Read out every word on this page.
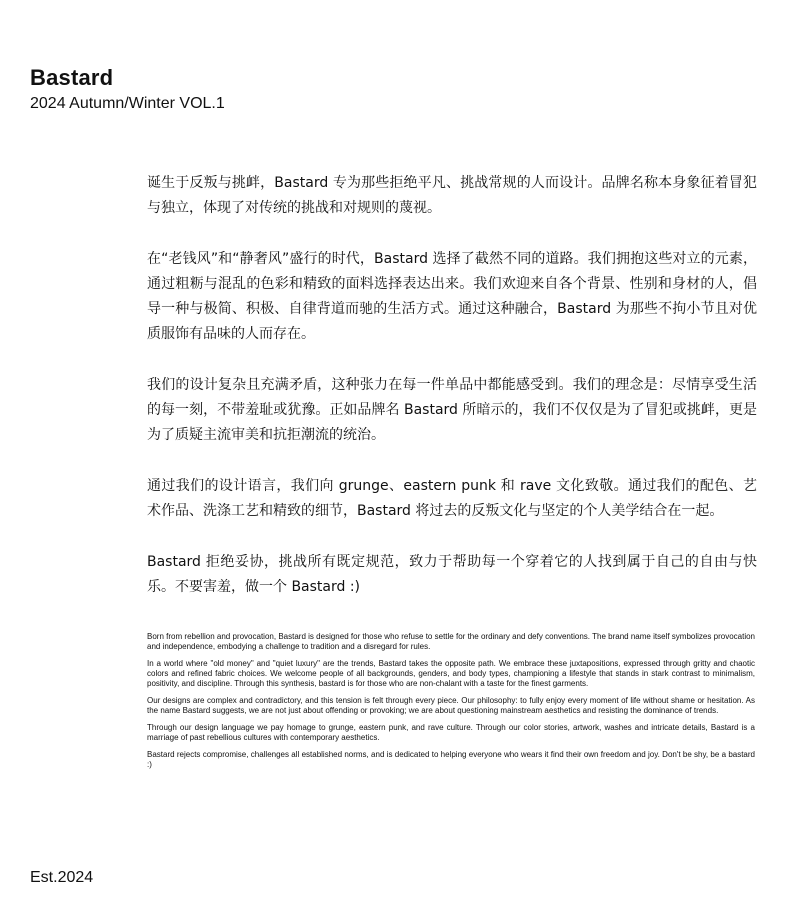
Bastard
2024 Autumn/Winter VOL.1

诞生于反叛与挑衅，Bastard 专为那些拒绝平凡、挑战常规的人而设计。品牌名称本身象征着冒犯与独立，体现了对传统的挑战和对规则的蔑视。

在“老钱风”和“静奢风”盛行的时代，Bastard 选择了截然不同的道路。我们拥抱这些对立的元素，通过粗粝与混乱的色彩和精致的面料选择表达出来。我们欢迎来自各个背景、性别和身材的人，倡导一种与极简、积极、自律背道而驰的生活方式。通过这种融合，Bastard 为那些不拘小节且对优质服饰有品味的人而存在。

我们的设计复杂且充满矛盾，这种张力在每一件单品中都能感受到。我们的理念是：尽情享受生活的每一刻，不带羞耻或犹豫。正如品牌名 Bastard 所暗示的，我们不仅仅是为了冒犯或挑衅，更是为了质疑主流审美和抗拒潮流的统治。

通过我们的设计语言，我们向 grunge、eastern punk 和 rave 文化致敬。通过我们的配色、艺术作品、洗涤工艺和精致的细节，Bastard 将过去的反叛文化与坚定的个人美学结合在一起。

Bastard 拒绝妥协，挑战所有既定规范，致力于帮助每一个穿着它的人找到属于自己的自由与快乐。不要害羞，做一个 Bastard :)

Born from rebellion and provocation, Bastard is designed for those who refuse to settle for the ordinary and defy conventions. The brand name itself symbolizes provocation and independence, embodying a challenge to tradition and a disregard for rules.

In a world where "old money" and "quiet luxury" are the trends, Bastard takes the opposite path. We embrace these juxtapositions, expressed through gritty and chaotic colors and refined fabric choices. We welcome people of all backgrounds, genders, and body types, championing a lifestyle that stands in stark contrast to minimalism, positivity, and discipline. Through this synthesis, bastard is for those who are non-chalant with a taste for the finest garments.

Our designs are complex and contradictory, and this tension is felt through every piece. Our philosophy: to fully enjoy every moment of life without shame or hesitation. As the name Bastard suggests, we are not just about offending or provoking; we are about questioning mainstream aesthetics and resisting the dominance of trends.

Through our design language we pay homage to grunge, eastern punk, and rave culture. Through our color stories, artwork, washes and intricate details, Bastard is a marriage of past rebellious cultures with contemporary aesthetics.

Bastard rejects compromise, challenges all established norms, and is dedicated to helping everyone who wears it find their own freedom and joy. Don't be shy, be a bastard :)

Est.2024
